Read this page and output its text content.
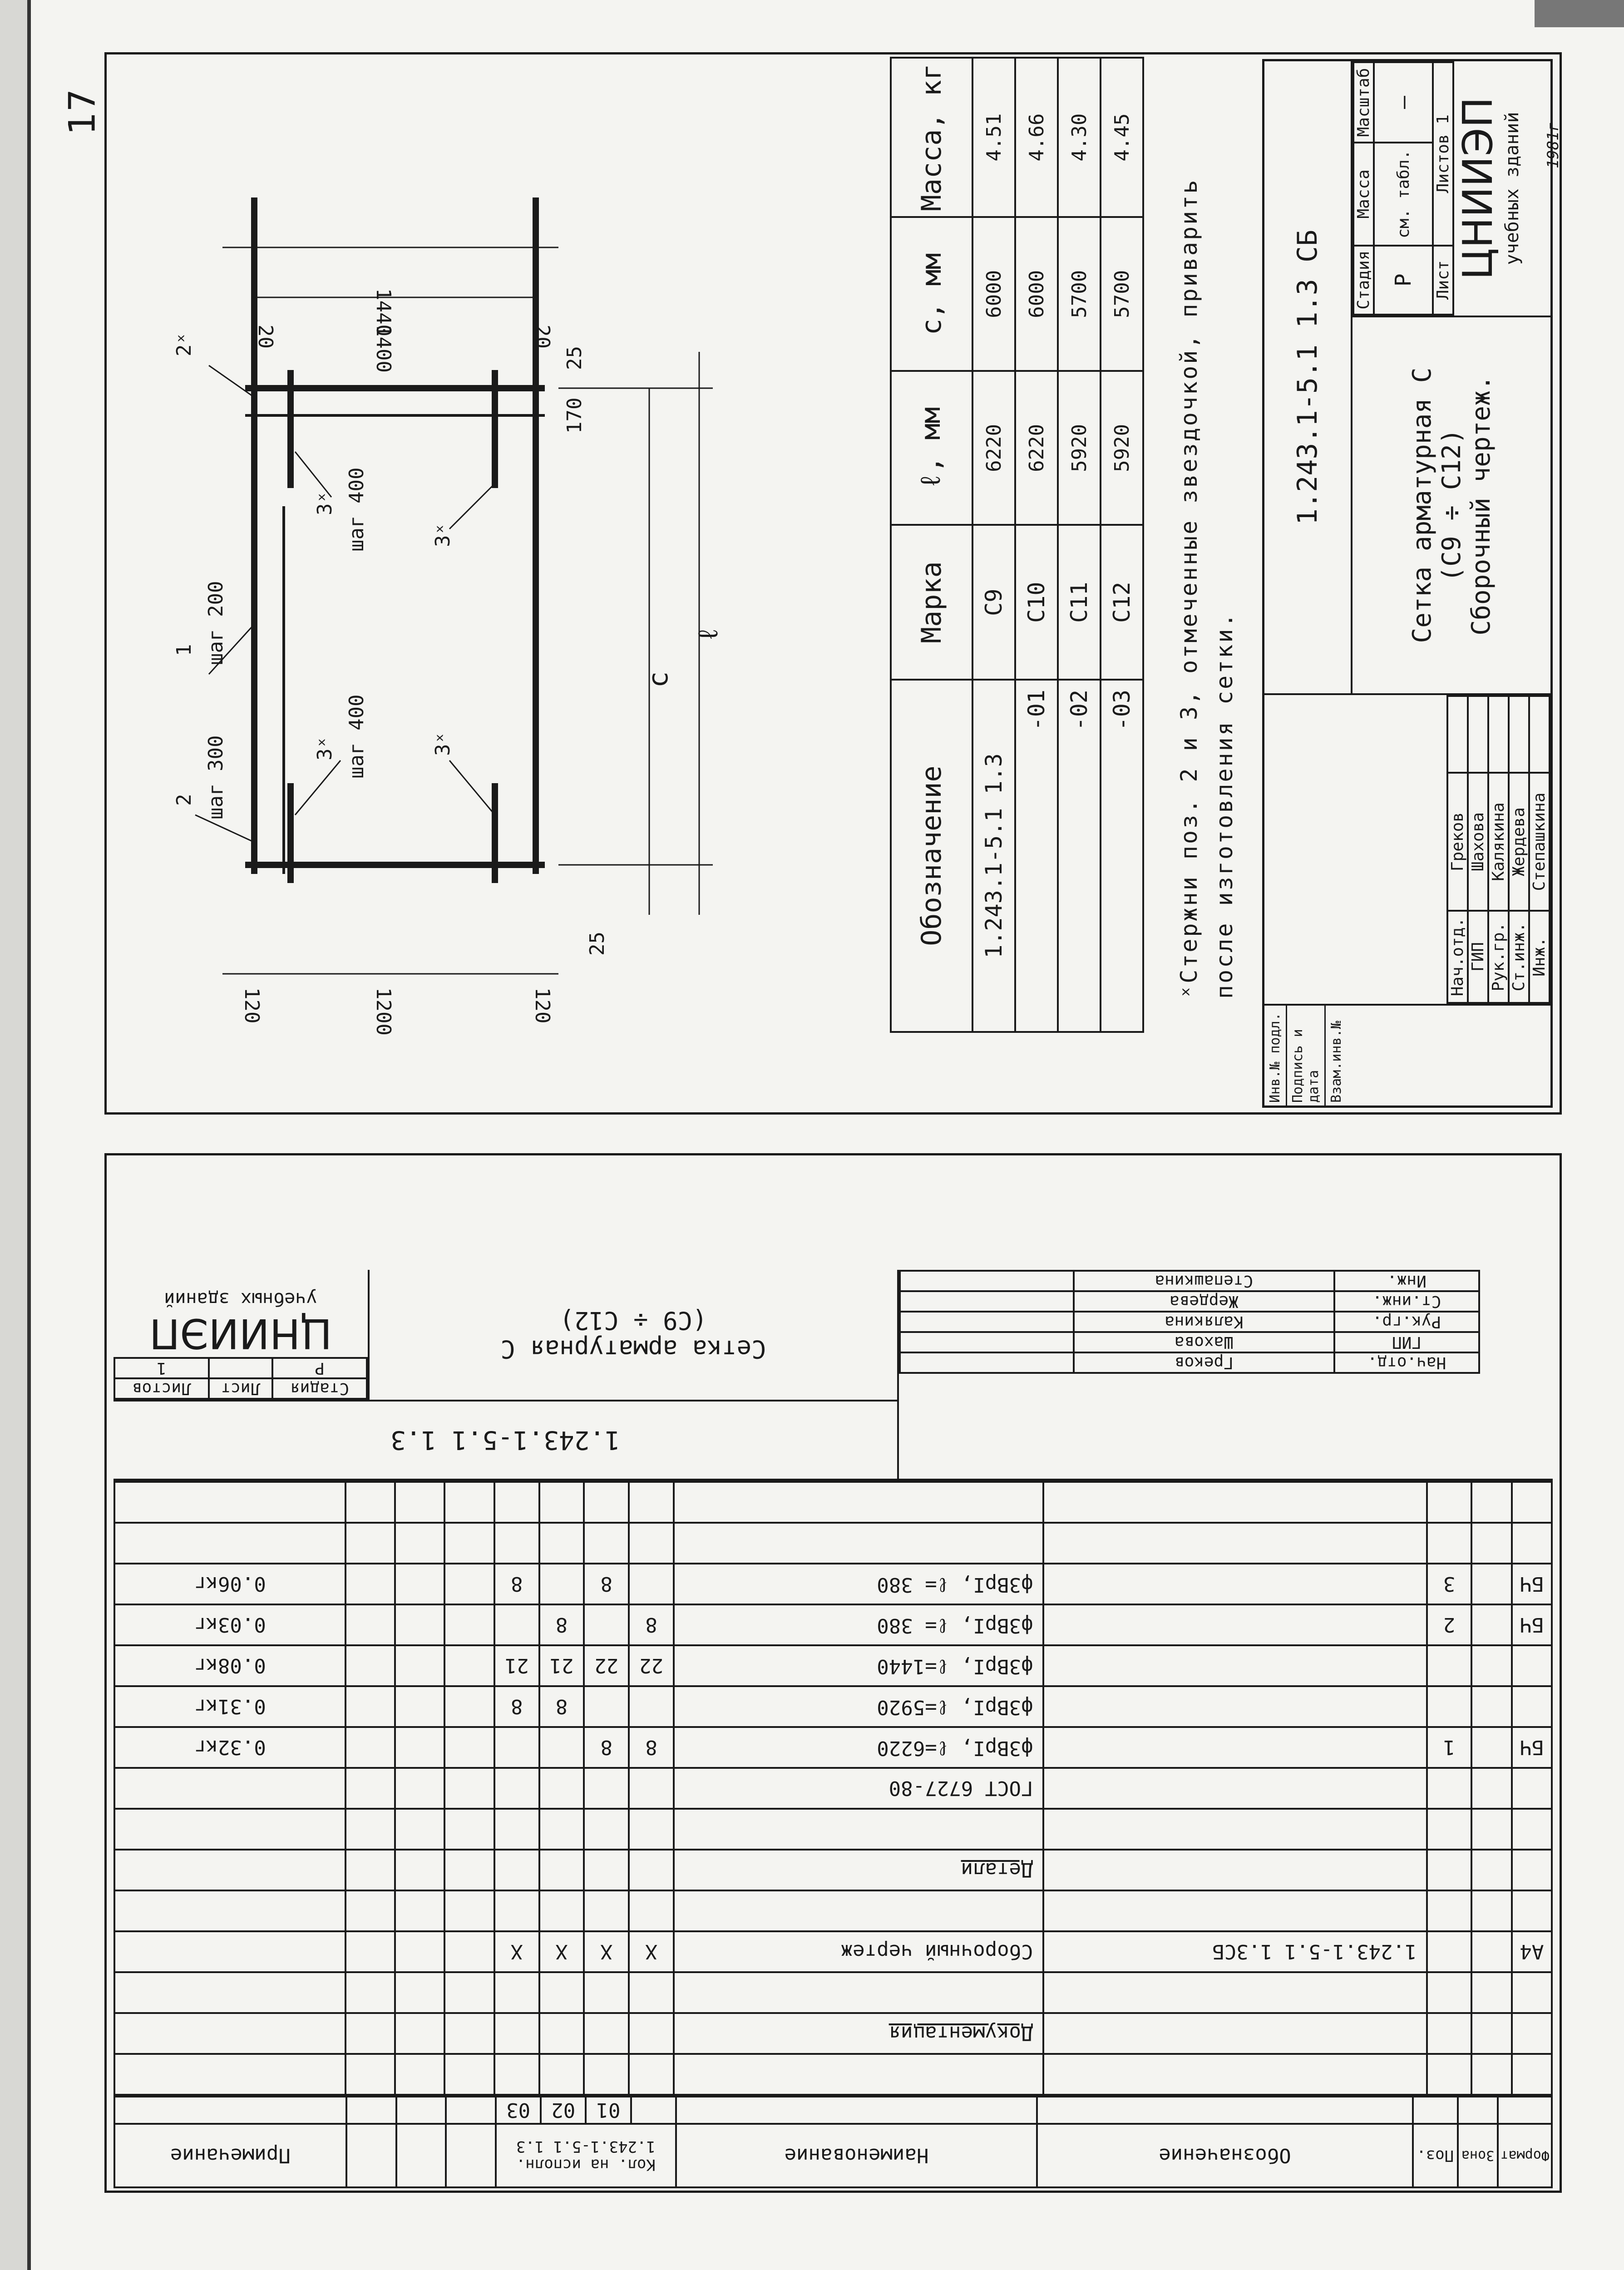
17
1440
1400
20	20
25
170
25
120	1200	120
с
ℓ
1 шаг 200
2ˣ
2 шаг 300	3ˣ шаг 400
3ˣ шаг 400
3ˣ
3ˣ
Обозначение	Марка	ℓ, мм	с, мм	Масса, кг
1.243.1-5.1 1.3	С9	6220	6000	4.51
-01	С10	6220	6000	4.66
-02	С11	5920	5700	4.30
-03	С12	5920	5700	4.45
ˣСтержни поз. 2 и 3, отмеченные звездочкой, приварить после изготовления сетки.
Инв.№ подл. Подпись и дата Взам.инв.№
Нач.отд.	Греков	
ГИП	Шахова	
Рук.гр.	Калякина	
Ст.инж.	Жердева	
Инж.	Степашкина	
1.243.1-5.1 1.3 СБ	Сетка арматурная С (С9 ÷ С12) Сборочный чертеж.
Стадия	Масса	Масштаб
Р	см. табл.	—
Лист	Листов 1	ЦНИИЭП учебных зданий 1981г
Формат	Зона	Поз.	Обозначение	Наименование	Кол. на исполн. 1.243.1-5.1 1.3							Примечание
						01	02	03				

				Документация								

А4			1.243.1-5.1 1.3СБ	Сборочный чертеж	X	X	X	X				

				Детали								

				ГОСТ 6727-80								
БЧ		1		ф3ВрI, ℓ=6220	8	8						0.32кг
				ф3ВрI, ℓ=5920			8	8				0.31кг
				ф3ВрI, ℓ=1440	22	22	21	21				0.08кг
БЧ		2		ф3ВрI, ℓ= 380	8		8					0.03кг
БЧ		3		ф3ВрI, ℓ= 380		8		8				0.06кг

Нач.отд.	Греков	
ГИП	Шахова	
Рук.гр.	Калякина	
Ст.инж.	Жердева	
Инж.	Степашкина	
1.243.1-5.1 1.3
Сетка арматурная С
(С9 ÷ С12)
Стадия	Лист	Листов
Р		1
ЦНИИЭП
учебных зданий
